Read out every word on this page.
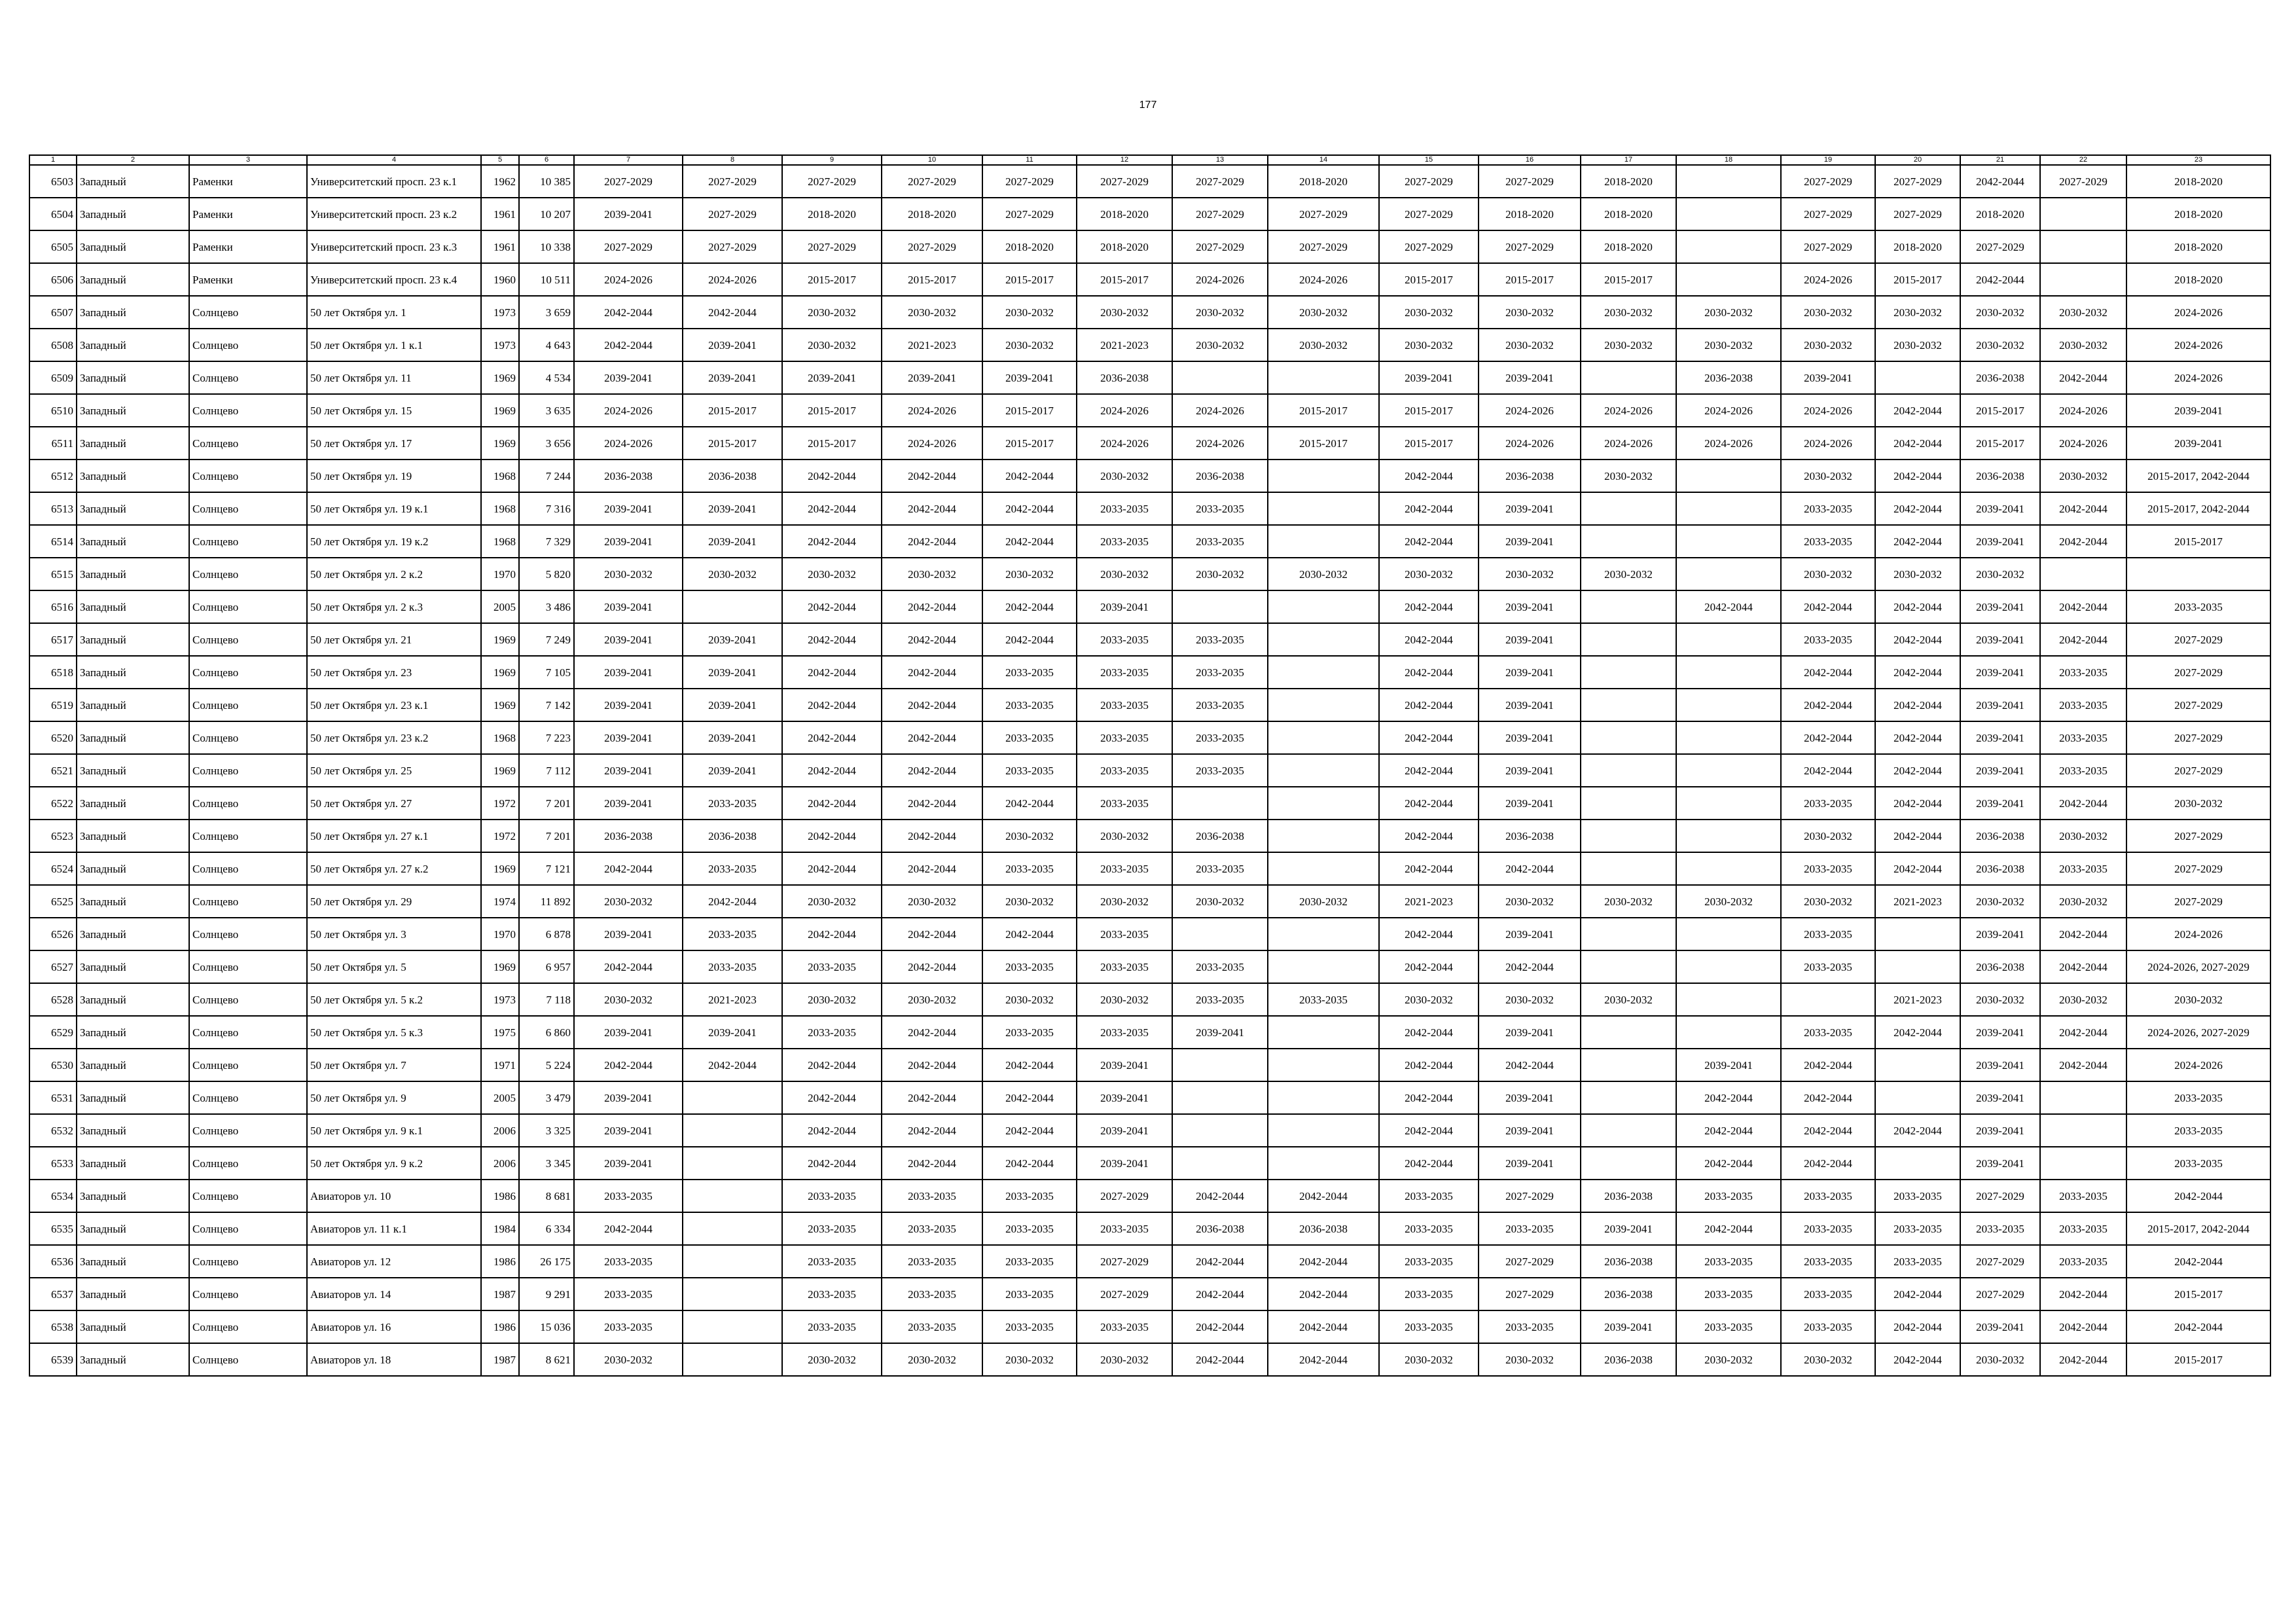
177
1	2	3	4	5	6	7	8	9	10	11	12	13	14	15	16	17	18	19	20	21	22	23
6503	Западный	Раменки	Университетский просп. 23 к.1	1962	10 385	2027-2029	2027-2029	2027-2029	2027-2029	2027-2029	2027-2029	2027-2029	2018-2020	2027-2029	2027-2029	2018-2020		2027-2029	2027-2029	2042-2044	2027-2029	2018-2020
6504	Западный	Раменки	Университетский просп. 23 к.2	1961	10 207	2039-2041	2027-2029	2018-2020	2018-2020	2027-2029	2018-2020	2027-2029	2027-2029	2027-2029	2018-2020	2018-2020		2027-2029	2027-2029	2018-2020		2018-2020
6505	Западный	Раменки	Университетский просп. 23 к.3	1961	10 338	2027-2029	2027-2029	2027-2029	2027-2029	2018-2020	2018-2020	2027-2029	2027-2029	2027-2029	2027-2029	2018-2020		2027-2029	2018-2020	2027-2029		2018-2020
6506	Западный	Раменки	Университетский просп. 23 к.4	1960	10 511	2024-2026	2024-2026	2015-2017	2015-2017	2015-2017	2015-2017	2024-2026	2024-2026	2015-2017	2015-2017	2015-2017		2024-2026	2015-2017	2042-2044		2018-2020
6507	Западный	Солнцево	50 лет Октября ул. 1	1973	3 659	2042-2044	2042-2044	2030-2032	2030-2032	2030-2032	2030-2032	2030-2032	2030-2032	2030-2032	2030-2032	2030-2032	2030-2032	2030-2032	2030-2032	2030-2032	2030-2032	2024-2026
6508	Западный	Солнцево	50 лет Октября ул. 1 к.1	1973	4 643	2042-2044	2039-2041	2030-2032	2021-2023	2030-2032	2021-2023	2030-2032	2030-2032	2030-2032	2030-2032	2030-2032	2030-2032	2030-2032	2030-2032	2030-2032	2030-2032	2024-2026
6509	Западный	Солнцево	50 лет Октября ул. 11	1969	4 534	2039-2041	2039-2041	2039-2041	2039-2041	2039-2041	2036-2038			2039-2041	2039-2041		2036-2038	2039-2041		2036-2038	2042-2044	2024-2026
6510	Западный	Солнцево	50 лет Октября ул. 15	1969	3 635	2024-2026	2015-2017	2015-2017	2024-2026	2015-2017	2024-2026	2024-2026	2015-2017	2015-2017	2024-2026	2024-2026	2024-2026	2024-2026	2042-2044	2015-2017	2024-2026	2039-2041
6511	Западный	Солнцево	50 лет Октября ул. 17	1969	3 656	2024-2026	2015-2017	2015-2017	2024-2026	2015-2017	2024-2026	2024-2026	2015-2017	2015-2017	2024-2026	2024-2026	2024-2026	2024-2026	2042-2044	2015-2017	2024-2026	2039-2041
6512	Западный	Солнцево	50 лет Октября ул. 19	1968	7 244	2036-2038	2036-2038	2042-2044	2042-2044	2042-2044	2030-2032	2036-2038		2042-2044	2036-2038	2030-2032		2030-2032	2042-2044	2036-2038	2030-2032	2015-2017, 2042-2044
6513	Западный	Солнцево	50 лет Октября ул. 19 к.1	1968	7 316	2039-2041	2039-2041	2042-2044	2042-2044	2042-2044	2033-2035	2033-2035		2042-2044	2039-2041			2033-2035	2042-2044	2039-2041	2042-2044	2015-2017, 2042-2044
6514	Западный	Солнцево	50 лет Октября ул. 19 к.2	1968	7 329	2039-2041	2039-2041	2042-2044	2042-2044	2042-2044	2033-2035	2033-2035		2042-2044	2039-2041			2033-2035	2042-2044	2039-2041	2042-2044	2015-2017
6515	Западный	Солнцево	50 лет Октября ул. 2 к.2	1970	5 820	2030-2032	2030-2032	2030-2032	2030-2032	2030-2032	2030-2032	2030-2032	2030-2032	2030-2032	2030-2032	2030-2032		2030-2032	2030-2032	2030-2032		
6516	Западный	Солнцево	50 лет Октября ул. 2 к.3	2005	3 486	2039-2041		2042-2044	2042-2044	2042-2044	2039-2041			2042-2044	2039-2041		2042-2044	2042-2044	2042-2044	2039-2041	2042-2044	2033-2035
6517	Западный	Солнцево	50 лет Октября ул. 21	1969	7 249	2039-2041	2039-2041	2042-2044	2042-2044	2042-2044	2033-2035	2033-2035		2042-2044	2039-2041			2033-2035	2042-2044	2039-2041	2042-2044	2027-2029
6518	Западный	Солнцево	50 лет Октября ул. 23	1969	7 105	2039-2041	2039-2041	2042-2044	2042-2044	2033-2035	2033-2035	2033-2035		2042-2044	2039-2041			2042-2044	2042-2044	2039-2041	2033-2035	2027-2029
6519	Западный	Солнцево	50 лет Октября ул. 23 к.1	1969	7 142	2039-2041	2039-2041	2042-2044	2042-2044	2033-2035	2033-2035	2033-2035		2042-2044	2039-2041			2042-2044	2042-2044	2039-2041	2033-2035	2027-2029
6520	Западный	Солнцево	50 лет Октября ул. 23 к.2	1968	7 223	2039-2041	2039-2041	2042-2044	2042-2044	2033-2035	2033-2035	2033-2035		2042-2044	2039-2041			2042-2044	2042-2044	2039-2041	2033-2035	2027-2029
6521	Западный	Солнцево	50 лет Октября ул. 25	1969	7 112	2039-2041	2039-2041	2042-2044	2042-2044	2033-2035	2033-2035	2033-2035		2042-2044	2039-2041			2042-2044	2042-2044	2039-2041	2033-2035	2027-2029
6522	Западный	Солнцево	50 лет Октября ул. 27	1972	7 201	2039-2041	2033-2035	2042-2044	2042-2044	2042-2044	2033-2035			2042-2044	2039-2041			2033-2035	2042-2044	2039-2041	2042-2044	2030-2032
6523	Западный	Солнцево	50 лет Октября ул. 27 к.1	1972	7 201	2036-2038	2036-2038	2042-2044	2042-2044	2030-2032	2030-2032	2036-2038		2042-2044	2036-2038			2030-2032	2042-2044	2036-2038	2030-2032	2027-2029
6524	Западный	Солнцево	50 лет Октября ул. 27 к.2	1969	7 121	2042-2044	2033-2035	2042-2044	2042-2044	2033-2035	2033-2035	2033-2035		2042-2044	2042-2044			2033-2035	2042-2044	2036-2038	2033-2035	2027-2029
6525	Западный	Солнцево	50 лет Октября ул. 29	1974	11 892	2030-2032	2042-2044	2030-2032	2030-2032	2030-2032	2030-2032	2030-2032	2030-2032	2021-2023	2030-2032	2030-2032	2030-2032	2030-2032	2021-2023	2030-2032	2030-2032	2027-2029
6526	Западный	Солнцево	50 лет Октября ул. 3	1970	6 878	2039-2041	2033-2035	2042-2044	2042-2044	2042-2044	2033-2035			2042-2044	2039-2041			2033-2035		2039-2041	2042-2044	2024-2026
6527	Западный	Солнцево	50 лет Октября ул. 5	1969	6 957	2042-2044	2033-2035	2033-2035	2042-2044	2033-2035	2033-2035	2033-2035		2042-2044	2042-2044			2033-2035		2036-2038	2042-2044	2024-2026, 2027-2029
6528	Западный	Солнцево	50 лет Октября ул. 5 к.2	1973	7 118	2030-2032	2021-2023	2030-2032	2030-2032	2030-2032	2030-2032	2033-2035	2033-2035	2030-2032	2030-2032	2030-2032			2021-2023	2030-2032	2030-2032	2030-2032
6529	Западный	Солнцево	50 лет Октября ул. 5 к.3	1975	6 860	2039-2041	2039-2041	2033-2035	2042-2044	2033-2035	2033-2035	2039-2041		2042-2044	2039-2041			2033-2035	2042-2044	2039-2041	2042-2044	2024-2026, 2027-2029
6530	Западный	Солнцево	50 лет Октября ул. 7	1971	5 224	2042-2044	2042-2044	2042-2044	2042-2044	2042-2044	2039-2041			2042-2044	2042-2044		2039-2041	2042-2044		2039-2041	2042-2044	2024-2026
6531	Западный	Солнцево	50 лет Октября ул. 9	2005	3 479	2039-2041		2042-2044	2042-2044	2042-2044	2039-2041			2042-2044	2039-2041		2042-2044	2042-2044		2039-2041		2033-2035
6532	Западный	Солнцево	50 лет Октября ул. 9 к.1	2006	3 325	2039-2041		2042-2044	2042-2044	2042-2044	2039-2041			2042-2044	2039-2041		2042-2044	2042-2044	2042-2044	2039-2041		2033-2035
6533	Западный	Солнцево	50 лет Октября ул. 9 к.2	2006	3 345	2039-2041		2042-2044	2042-2044	2042-2044	2039-2041			2042-2044	2039-2041		2042-2044	2042-2044		2039-2041		2033-2035
6534	Западный	Солнцево	Авиаторов ул. 10	1986	8 681	2033-2035		2033-2035	2033-2035	2033-2035	2027-2029	2042-2044	2042-2044	2033-2035	2027-2029	2036-2038	2033-2035	2033-2035	2033-2035	2027-2029	2033-2035	2042-2044
6535	Западный	Солнцево	Авиаторов ул. 11 к.1	1984	6 334	2042-2044		2033-2035	2033-2035	2033-2035	2033-2035	2036-2038	2036-2038	2033-2035	2033-2035	2039-2041	2042-2044	2033-2035	2033-2035	2033-2035	2033-2035	2015-2017, 2042-2044
6536	Западный	Солнцево	Авиаторов ул. 12	1986	26 175	2033-2035		2033-2035	2033-2035	2033-2035	2027-2029	2042-2044	2042-2044	2033-2035	2027-2029	2036-2038	2033-2035	2033-2035	2033-2035	2027-2029	2033-2035	2042-2044
6537	Западный	Солнцево	Авиаторов ул. 14	1987	9 291	2033-2035		2033-2035	2033-2035	2033-2035	2027-2029	2042-2044	2042-2044	2033-2035	2027-2029	2036-2038	2033-2035	2033-2035	2042-2044	2027-2029	2042-2044	2015-2017
6538	Западный	Солнцево	Авиаторов ул. 16	1986	15 036	2033-2035		2033-2035	2033-2035	2033-2035	2033-2035	2042-2044	2042-2044	2033-2035	2033-2035	2039-2041	2033-2035	2033-2035	2042-2044	2039-2041	2042-2044	2042-2044
6539	Западный	Солнцево	Авиаторов ул. 18	1987	8 621	2030-2032		2030-2032	2030-2032	2030-2032	2030-2032	2042-2044	2042-2044	2030-2032	2030-2032	2036-2038	2030-2032	2030-2032	2042-2044	2030-2032	2042-2044	2015-2017
